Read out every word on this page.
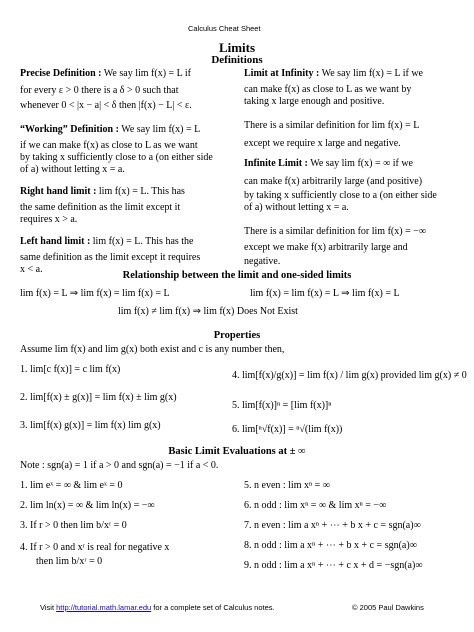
Calculus Cheat Sheet
Limits
Definitions
Precise Definition : We say lim f(x) = L if
for every ε > 0 there is a δ > 0 such that
whenever 0 < |x − a| < δ then |f(x) − L| < ε.
“Working” Definition : We say lim f(x) = L
if we can make f(x) as close to L as we want
by taking x sufficiently close to a (on either side
of a) without letting x = a.
Right hand limit : lim f(x) = L. This has
the same definition as the limit except it
requires x > a.
Left hand limit : lim f(x) = L. This has the
same definition as the limit except it requires
x < a.
Limit at Infinity : We say lim f(x) = L if we
can make f(x) as close to L as we want by
taking x large enough and positive.
There is a similar definition for lim f(x) = L
except we require x large and negative.
Infinite Limit : We say lim f(x) = ∞ if we
can make f(x) arbitrarily large (and positive)
by taking x sufficiently close to a (on either side
of a) without letting x = a.
There is a similar definition for lim f(x) = −∞
except we make f(x) arbitrarily large and
negative.
Relationship between the limit and one-sided limits
lim f(x) = L ⇒ lim f(x) = lim f(x) = L	lim f(x) = lim f(x) = L ⇒ lim f(x) = L
lim f(x) ≠ lim f(x) ⇒ lim f(x) Does Not Exist
Properties
Assume lim f(x) and lim g(x) both exist and c is any number then,
1. lim[c f(x)] = c lim f(x)
2. lim[f(x) ± g(x)] = lim f(x) ± lim g(x)
3. lim[f(x) g(x)] = lim f(x) lim g(x)
4. lim[f(x)/g(x)] = lim f(x) / lim g(x) provided lim g(x) ≠ 0
5. lim[f(x)]ⁿ = [lim f(x)]ⁿ
6. lim[ⁿ√f(x)] = ⁿ√(lim f(x))
Basic Limit Evaluations at ± ∞
Note : sgn(a) = 1 if a > 0 and sgn(a) = −1 if a < 0.
1. lim eˣ = ∞ & lim eˣ = 0
2. lim ln(x) = ∞ & lim ln(x) = −∞
3. If r > 0 then lim b/xʳ = 0
4. If r > 0 and xʳ is real for negative x
then lim b/xʳ = 0
5. n even : lim xⁿ = ∞
6. n odd : lim xⁿ = ∞ & lim xⁿ = −∞
7. n even : lim a xⁿ + ⋯ + b x + c = sgn(a)∞
8. n odd : lim a xⁿ + ⋯ + b x + c = sgn(a)∞
9. n odd : lim a xⁿ + ⋯ + c x + d = −sgn(a)∞
Visit http://tutorial.math.lamar.edu for a complete set of Calculus notes.	© 2005 Paul Dawkins
